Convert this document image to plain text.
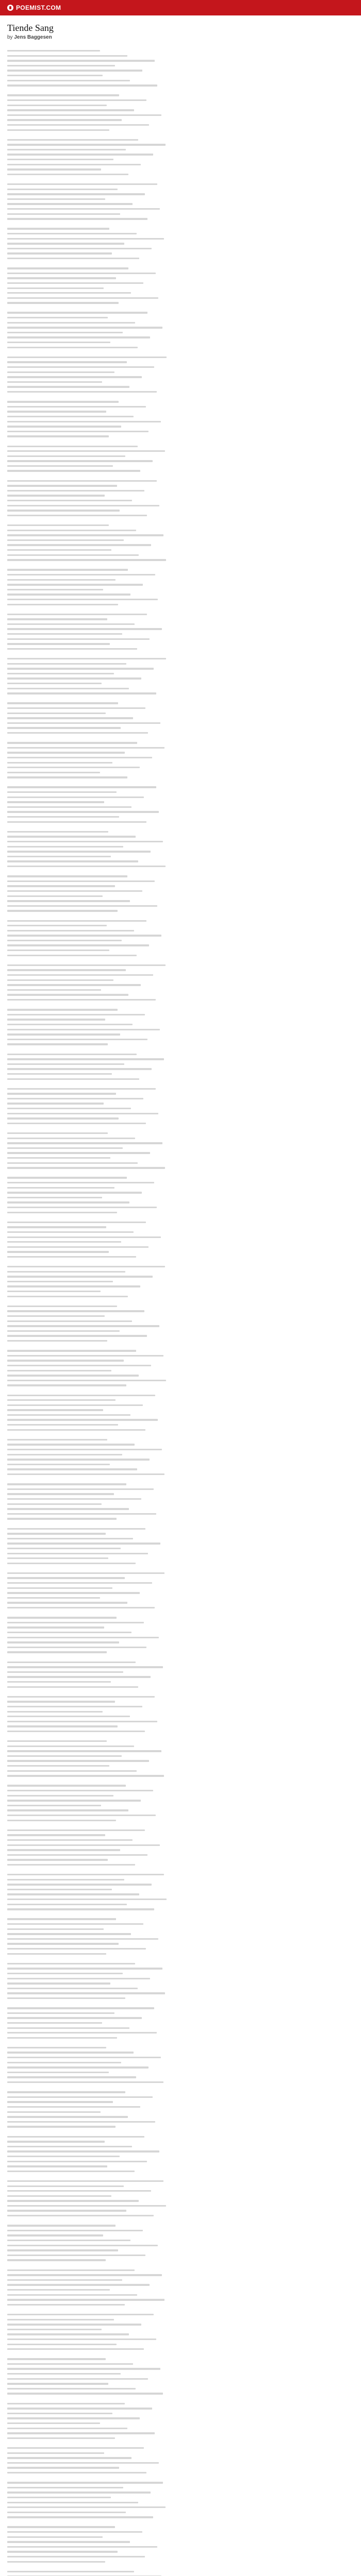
POEMIST.COM
Tiende Sang
by Jens Baggesen
